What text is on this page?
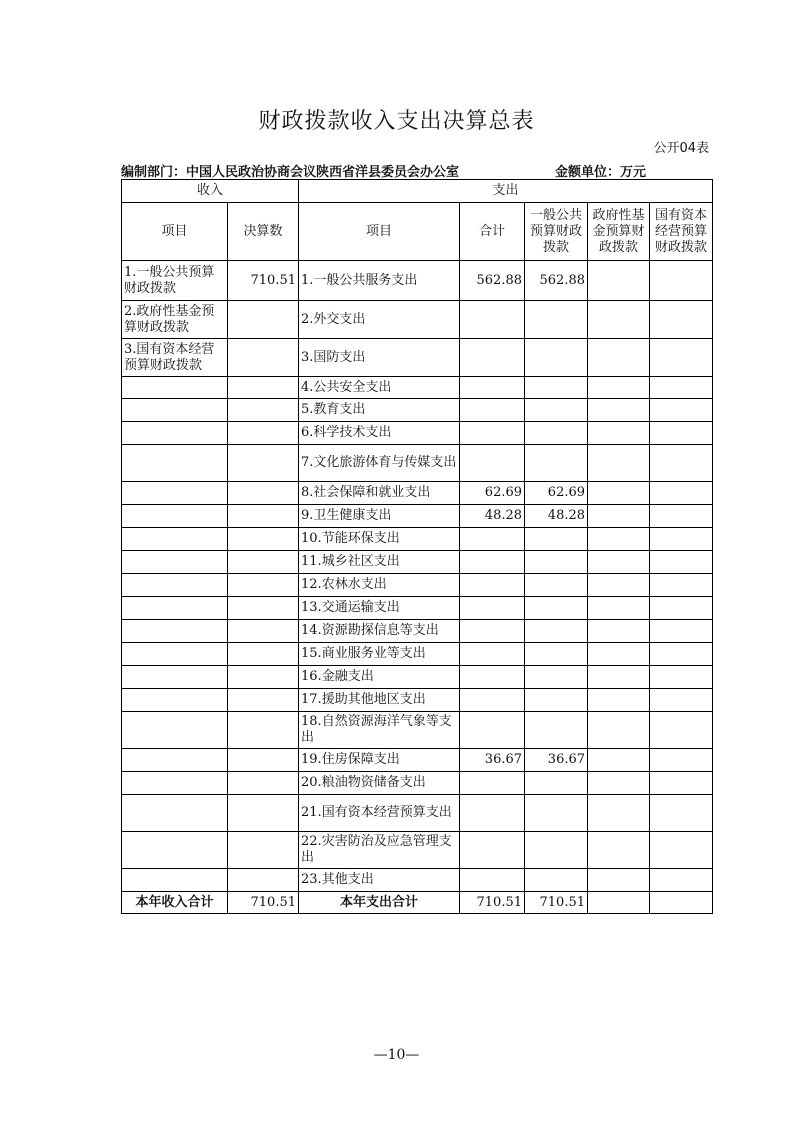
财政拨款收入支出决算总表
公开04表
编制部门：中国人民政治协商会议陕西省洋县委员会办公室	金额单位：万元
收入		支出				
项目	决算数	项目	合计	一般公共预算财政拨款	政府性基金预算财政拨款	国有资本经营预算财政拨款
1.一般公共预算财政拨款	710.51	1.一般公共服务支出	562.88	562.88		
2.政府性基金预算财政拨款		2.外交支出				
3.国有资本经营预算财政拨款		3.国防支出				
		4.公共安全支出				
		5.教育支出				
		6.科学技术支出				
		7.文化旅游体育与传媒支出				
		8.社会保障和就业支出	62.69	62.69		
		9.卫生健康支出	48.28	48.28		
		10.节能环保支出				
		11.城乡社区支出				
		12.农林水支出				
		13.交通运输支出				
		14.资源勘探信息等支出				
		15.商业服务业等支出				
		16.金融支出				
		17.援助其他地区支出				
		18.自然资源海洋气象等支出				
		19.住房保障支出	36.67	36.67		
		20.粮油物资储备支出				
		21.国有资本经营预算支出				
		22.灾害防治及应急管理支出				
		23.其他支出				
本年收入合计	710.51	本年支出合计	710.51	710.51		
—10—
